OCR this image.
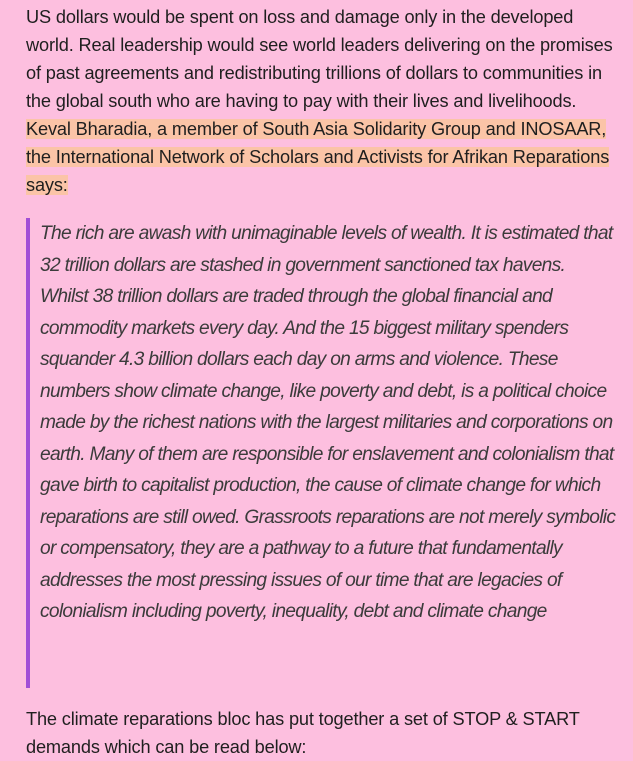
US dollars would be spent on loss and damage only in the developed world. Real leadership would see world leaders delivering on the promises of past agreements and redistributing trillions of dollars to communities in the global south who are having to pay with their lives and livelihoods. Keval Bharadia, a member of South Asia Solidarity Group and INOSAAR, the International Network of Scholars and Activists for Afrikan Reparations says:

The rich are awash with unimaginable levels of wealth. It is estimated that 32 trillion dollars are stashed in government sanctioned tax havens. Whilst 38 trillion dollars are traded through the global financial and commodity markets every day. And the 15 biggest military spenders squander 4.3 billion dollars each day on arms and violence. These numbers show climate change, like poverty and debt, is a political choice made by the richest nations with the largest militaries and corporations on earth. Many of them are responsible for enslavement and colonialism that gave birth to capitalist production, the cause of climate change for which reparations are still owed. Grassroots reparations are not merely symbolic or compensatory, they are a pathway to a future that fundamentally addresses the most pressing issues of our time that are legacies of colonialism including poverty, inequality, debt and climate change

The climate reparations bloc has put together a set of STOP & START demands which can be read below:
